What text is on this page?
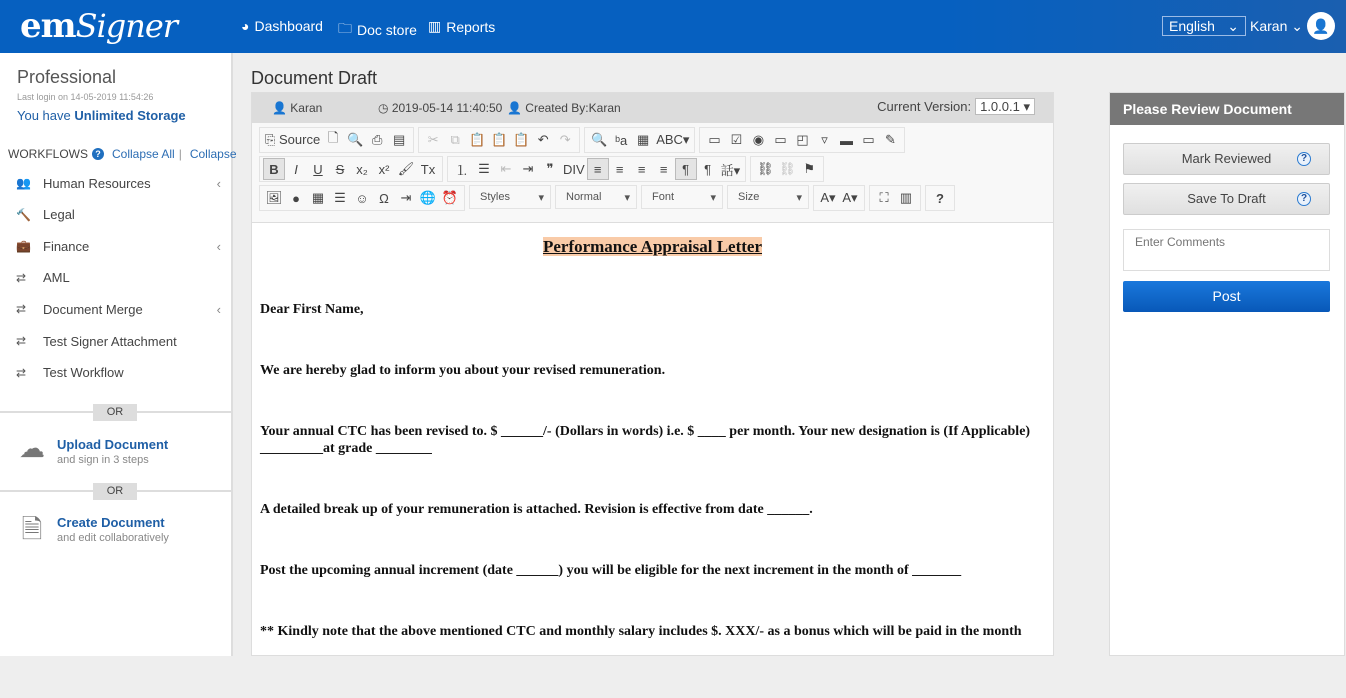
emSigner	◕ Dashboard 🗀 Doc store ▥ Reports	English ⌄ Karan ⌄ 👤
Professional
Last login on 14-05-2019 11:54:26
You have Unlimited Storage
WORKFLOWS ? Collapse All | Collapse
👥 Human Resources	‹
🔨 Legal
💼 Finance	‹
⇄	AML
⇄	Document Merge	‹
⇄	Test Signer Attachment
⇄	Test Workflow
OR
☁ Upload Document
and sign in 3 steps
OR
🗎	Create Document
and edit collaboratively
Document Draft
👤 Karan	◷ 2019-05-14 11:40:50 👤 Created By:Karan	Current Version: 1.0.0.1 ▾
⎘ Source 🗋 🔍 ⎙ ▤	✂ ⧉ 📋 📋 📋 ↶ ↷	🔍 ᵇa ▦ ABC▾	▭ ☑ ◉ ▭ ◰ ▿ ▬ ▭ ✎
B	I	U S x₂ x² 🖌 Tx	⒈ ☰ ⇤ ⇥	❞ DIV ≡	≡	≡	≡	¶	¶ 話▾ ⛓ ⛓ ⚑
🖼 ● ▦ ☰ ☺ Ω ⇥ 🌐 ⏰ Styles	▾	Normal ▾	Font	▾	Size	▾	A▾ A▾	⛶ ▥	?
Performance Appraisal Letter

Dear First Name,

We are hereby glad to inform you about your revised remuneration.

Your annual CTC has been revised to. $ ______/- (Dollars in words) i.e. $ ____ per month. Your new designation is (If Applicable) _________at grade ________

A detailed break up of your remuneration is attached. Revision is effective from date ______.

Post the upcoming annual increment (date ______) you will be eligible for the next increment in the month of _______

** Kindly note that the above mentioned CTC and monthly salary includes $. XXX/- as a bonus which will be paid in the month

Please Review Document
Mark Reviewed	?
Save To Draft	?
Enter Comments
Post
